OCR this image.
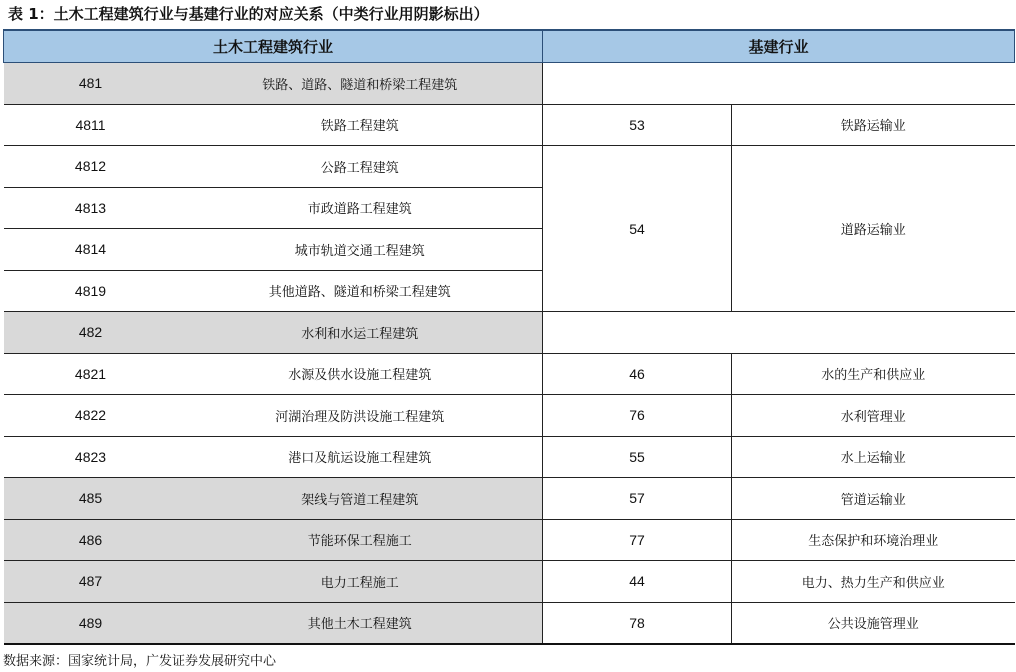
表 1：土木工程建筑行业与基建行业的对应关系（中类行业用阴影标出）
土木工程建筑行业		基建行业	
481	铁路、道路、隧道和桥梁工程建筑		
4811	铁路工程建筑	53	铁路运输业
4812	公路工程建筑	54	道路运输业
4813	市政道路工程建筑		
4814	城市轨道交通工程建筑		
4819	其他道路、隧道和桥梁工程建筑		
482	水利和水运工程建筑		
4821	水源及供水设施工程建筑	46	水的生产和供应业
4822	河湖治理及防洪设施工程建筑	76	水利管理业
4823	港口及航运设施工程建筑	55	水上运输业
485	架线与管道工程建筑	57	管道运输业
486	节能环保工程施工	77	生态保护和环境治理业
487	电力工程施工	44	电力、热力生产和供应业
489	其他土木工程建筑	78	公共设施管理业
数据来源：国家统计局，广发证券发展研究中心
